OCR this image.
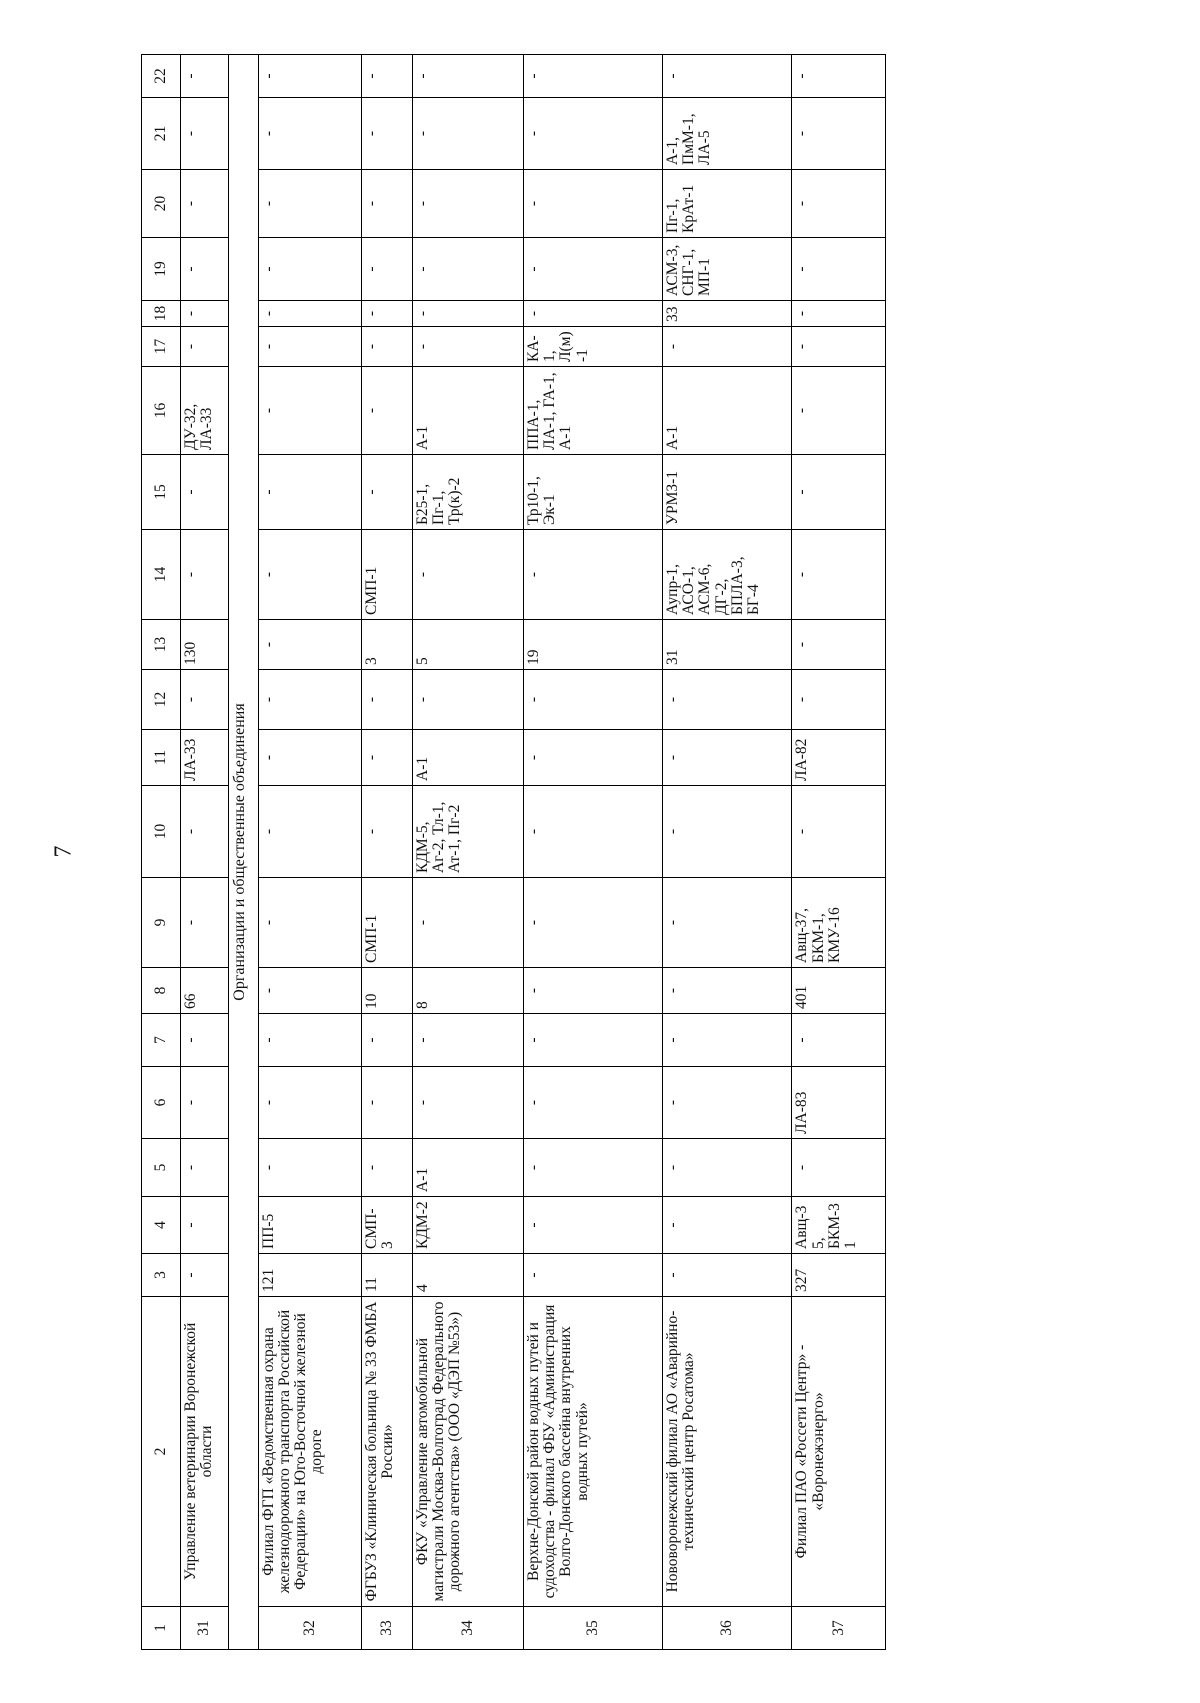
7
1	2	3	4	5	6	7	8	9	10	11	12	13	14	15	16	17	18	19	20	21	22
31	Управление ветеринарии Воронежской области	-	-	-	-	-	66	-	-	ЛА-33	-	130	-	-	ДУ-32, ЛА-33	-	-	-	-	-	-
Организации и общественные объединения																					
32	Филиал ФГП «Ведомственная охрана железнодорожного транспорта Российской Федерации» на Юго-Восточной железной дороге	121	ПП-5	-	-	-	-	-	-	-	-	-	-	-	-	-	-	-	-	-	-
33	ФГБУЗ «Клиническая больница № 33 ФМБА России»	11	СМП-3	-	-	-	10	СМП-1	-	-	-	3	СМП-1	-	-	-	-	-	-	-	-
34	ФКУ «Управление автомобильной магистрали Москва-Волгоград Федерального дорожного агентства» (ООО «ДЭП №53»)	4	КДМ-2	А-1	-	-	8	-	КДМ-5, Аг-2, Тл-1, Ат-1, Пг-2	А-1	-	5	-	Б25-1, Пг-1, Тр(к)-2	А-1	-	-	-	-	-	-
35	Верхне-Донской район водных путей и судоходства - филиал ФБУ «Администрация Волго-Донского бассейна внутренних водных путей»	-	-	-	-	-	-	-	-	-	-	19	-	Тр10-1, Эк-1	ППА-1, ЛА-1, ГА-1, А-1	КА-1, Л(м)-1	-	-	-	-	-
36	Нововоронежский филиал АО «Аварийно-технический центр Росатома»	-	-	-	-	-	-	-	-	-	-	31	Аупр-1, АСО-1, АСМ-6, ДГ-2, БПЛА-3, БГ-4	УРМЗ-1	А-1	-	33	АСМ-3, СНГ-1, МП-1	Пг-1, КрАт-1	А-1, ПмМ-1, ЛА-5	-
37	Филиал ПАО «Россети Центр» - «Воронежэнерго»	327	Авщ-35, БКМ-31	-	ЛА-83	-	401	Авщ-37, БКМ-1, КМУ-16	-	ЛА-82	-	-	-	-	-	-	-	-	-	-	-
